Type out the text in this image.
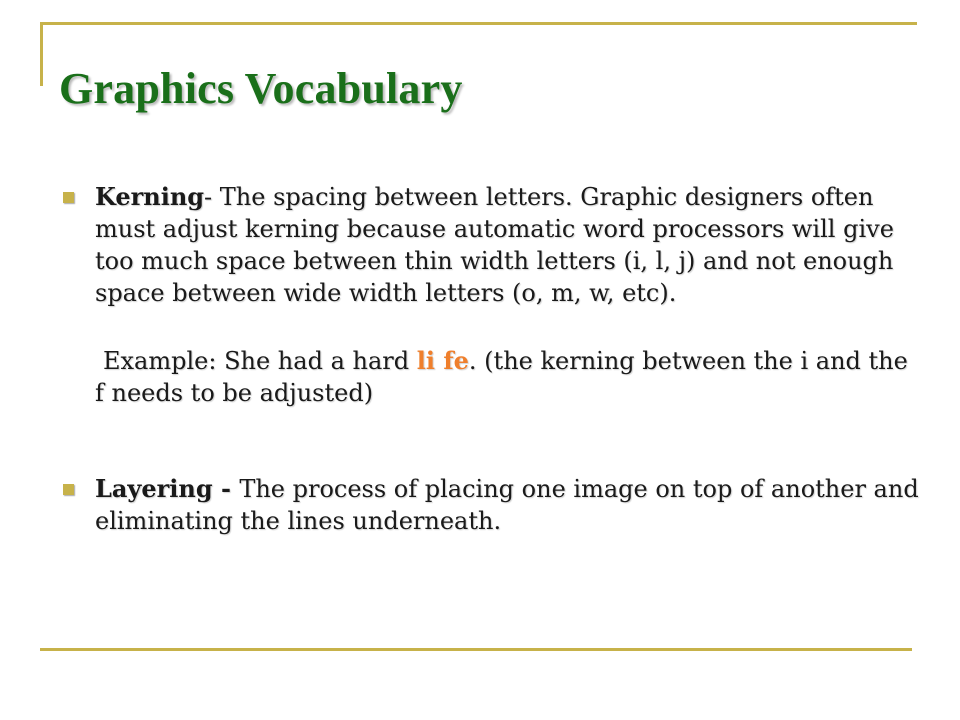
Graphics Vocabulary
Kerning- The spacing between letters. Graphic designers often must adjust kerning because automatic word processors will give too much space between thin width letters (i, l, j) and not enough space between wide width letters (o, m, w, etc).
Example: She had a hard li fe. (the kerning between the i and the f needs to be adjusted)
Layering - The process of placing one image on top of another and eliminating the lines underneath.
